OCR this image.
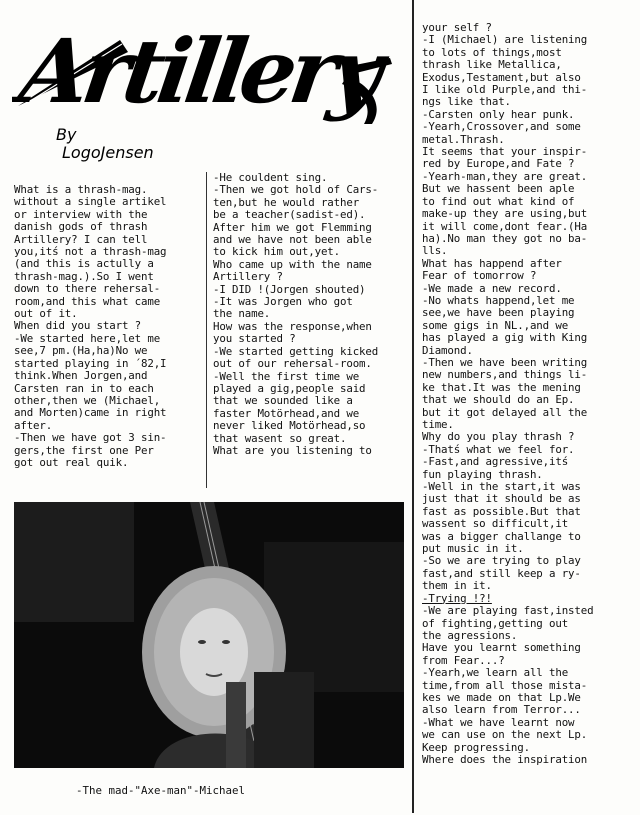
Artillery
By
LogoJensen
What is a thrash-mag.
without a single artikel
or interview with the
danish gods of thrash
Artillery? I can tell
you,itś not a thrash-mag
(and this is actully a
thrash-mag.).So I went
down to there rehersal-
room,and this what came
out of it.
When did you start ?
-We started here,let me
see,7 pm.(Ha,ha)No we
started playing in ´82,I
think.When Jorgen,and
Carsten ran in to each
other,then we (Michael,
and Morten)came in right
after.
-Then we have got 3 sin-
gers,the first one Per
got out real quik.
-He couldent sing.
-Then we got hold of Cars-
ten,but he would rather
be a teacher(sadist-ed).
After him we got Flemming
and we have not been able
to kick him out,yet.
Who came up with the name
Artillery ?
-I DID !(Jorgen shouted)
-It was Jorgen who got
the name.
How was the response,when
you started ?
-We started getting kicked
out of our rehersal-room.
-Well the first time we
played a gig,people said
that we sounded like a
faster Motörhead,and we
never liked Motörhead,so
that wasent so great.
What are you listening to
your self ?
-I (Michael) are listening
to lots of things,most
thrash like Metallica,
Exodus,Testament,but also
I like old Purple,and thi-
ngs like that.
-Carsten only hear punk.
-Yearh,Crossover,and some
metal.Thrash.
It seems that your inspir-
red by Europe,and Fate ?
-Yearh-man,they are great.
But we hassent been aple
to find out what kind of
make-up they are using,but
it will come,dont fear.(Ha
ha).No man they got no ba-
lls.
What has happend after
Fear of tomorrow ?
-We made a new record.
-No whats happend,let me
see,we have been playing
some gigs in NL.,and we
has played a gig with King
Diamond.
-Then we have been writing
new numbers,and things li-
ke that.It was the mening
that we should do an Ep.
but it got delayed all the
time.
Why do you play thrash ?
-Thatś what we feel for.
-Fast,and agressive,itś
fun playing thrash.
-Well in the start,it was
just that it should be as
fast as possible.But that
wassent so difficult,it
was a bigger challange to
put music in it.
-So we are trying to play
fast,and still keep a ry-
them in it.
-Trying !?!
-We are playing fast,insted
of fighting,getting out
the agressions.
Have you learnt something
from Fear...?
-Yearh,we learn all the
time,from all those mista-
kes we made on that Lp.We
also learn from Terror...
-What we have learnt now
we can use on the next Lp.
Keep progressing.
Where does the inspiration
-The mad-"Axe-man"-Michael
